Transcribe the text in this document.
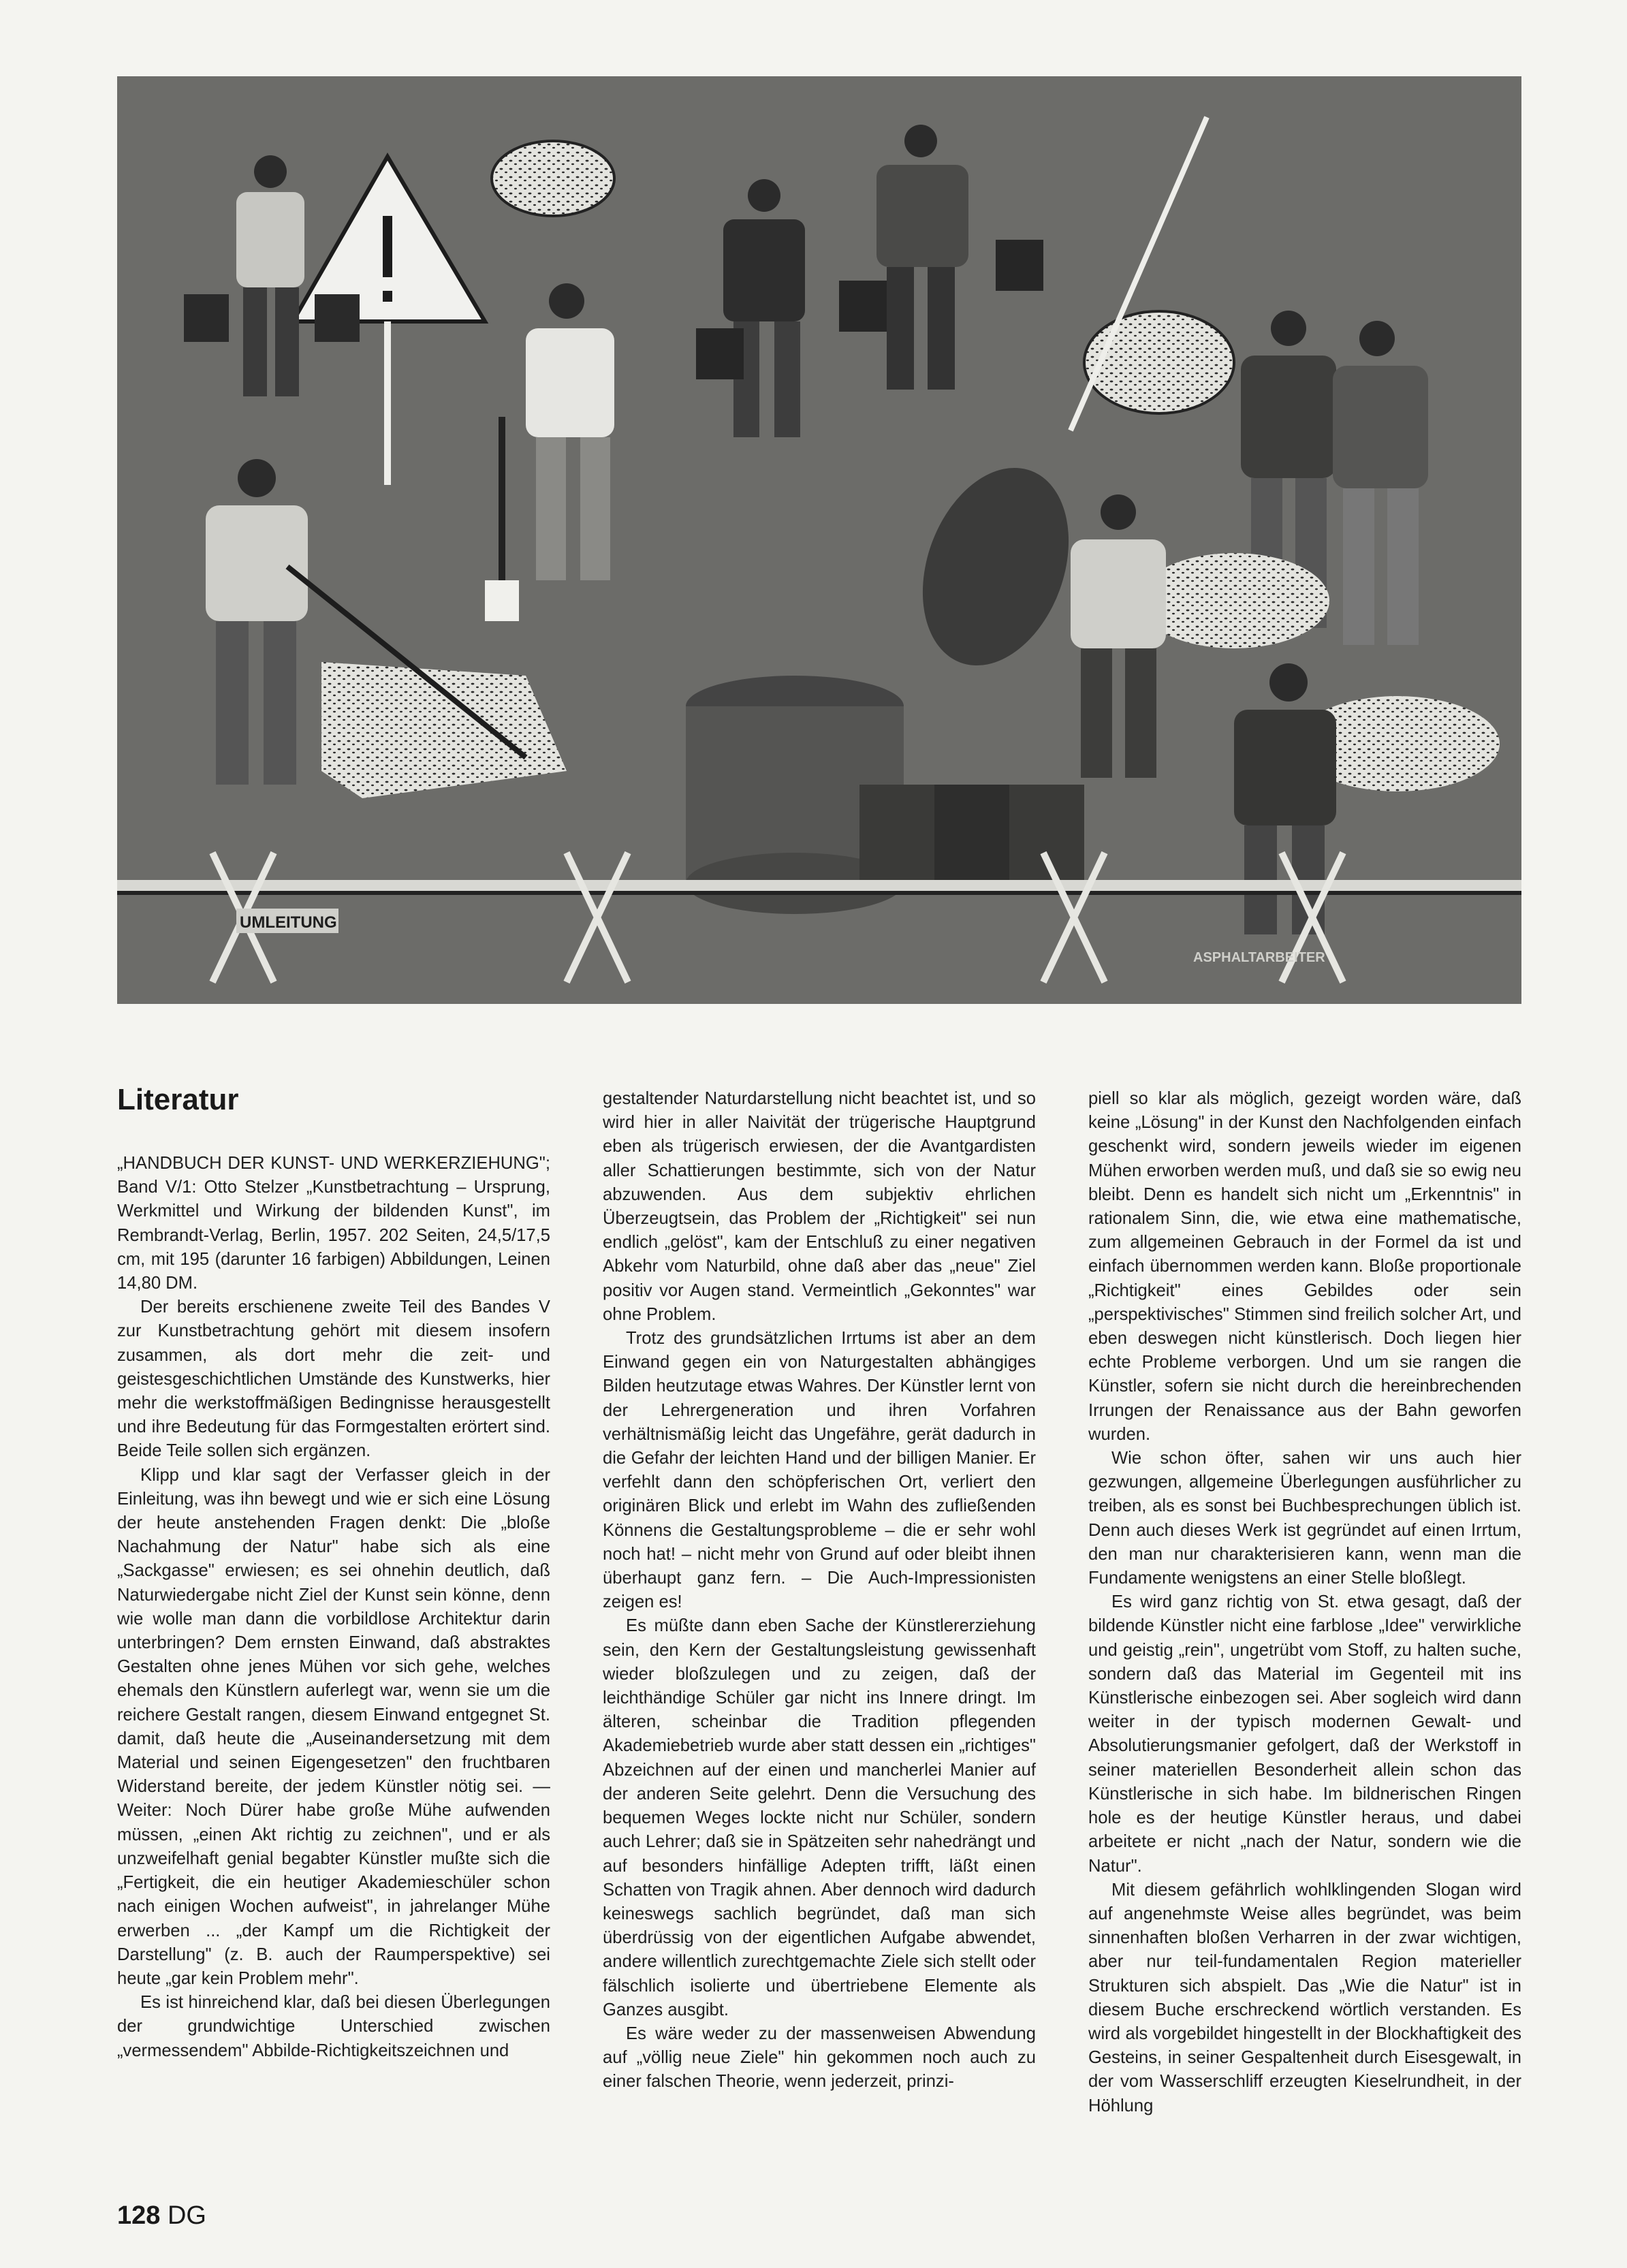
UMLEITUNG
ASPHALTARBEITER
Literatur

„HANDBUCH DER KUNST- UND WERKERZIEHUNG"; Band V/1: Otto Stelzer „Kunstbetrachtung – Ursprung, Werkmittel und Wirkung der bildenden Kunst", im Rembrandt-Verlag, Berlin, 1957. 202 Seiten, 24,5/17,5 cm, mit 195 (darunter 16 farbigen) Abbildungen, Leinen 14,80 DM.

Der bereits erschienene zweite Teil des Bandes V zur Kunstbetrachtung gehört mit diesem insofern zusammen, als dort mehr die zeit- und geistesgeschichtlichen Umstände des Kunstwerks, hier mehr die werkstoffmäßigen Bedingnisse herausgestellt und ihre Bedeutung für das Formgestalten erörtert sind. Beide Teile sollen sich ergänzen.

Klipp und klar sagt der Verfasser gleich in der Einleitung, was ihn bewegt und wie er sich eine Lösung der heute anstehenden Fragen denkt: Die „bloße Nachahmung der Natur" habe sich als eine „Sackgasse" erwiesen; es sei ohnehin deutlich, daß Naturwiedergabe nicht Ziel der Kunst sein könne, denn wie wolle man dann die vorbildlose Architektur darin unterbringen? Dem ernsten Einwand, daß abstraktes Gestalten ohne jenes Mühen vor sich gehe, welches ehemals den Künstlern auferlegt war, wenn sie um die reichere Gestalt rangen, diesem Einwand entgegnet St. damit, daß heute die „Auseinandersetzung mit dem Material und seinen Eigengesetzen" den fruchtbaren Widerstand bereite, der jedem Künstler nötig sei. — Weiter: Noch Dürer habe große Mühe aufwenden müssen, „einen Akt richtig zu zeichnen", und er als unzweifelhaft genial begabter Künstler mußte sich die „Fertigkeit, die ein heutiger Akademieschüler schon nach einigen Wochen aufweist", in jahrelanger Mühe erwerben ... „der Kampf um die Richtigkeit der Darstellung" (z. B. auch der Raumperspektive) sei heute „gar kein Problem mehr".

Es ist hinreichend klar, daß bei diesen Überlegungen der grundwichtige Unterschied zwischen „vermessendem" Abbilde-Richtigkeitszeichnen und

gestaltender Naturdarstellung nicht beachtet ist, und so wird hier in aller Naivität der trügerische Hauptgrund eben als trügerisch erwiesen, der die Avantgardisten aller Schattierungen bestimmte, sich von der Natur abzuwenden. Aus dem subjektiv ehrlichen Überzeugtsein, das Problem der „Richtigkeit" sei nun endlich „gelöst", kam der Entschluß zu einer negativen Abkehr vom Naturbild, ohne daß aber das „neue" Ziel positiv vor Augen stand. Vermeintlich „Gekonntes" war ohne Problem.

Trotz des grundsätzlichen Irrtums ist aber an dem Einwand gegen ein von Naturgestalten abhängiges Bilden heutzutage etwas Wahres. Der Künstler lernt von der Lehrergeneration und ihren Vorfahren verhältnismäßig leicht das Ungefähre, gerät dadurch in die Gefahr der leichten Hand und der billigen Manier. Er verfehlt dann den schöpferischen Ort, verliert den originären Blick und erlebt im Wahn des zufließenden Könnens die Gestaltungsprobleme – die er sehr wohl noch hat! – nicht mehr von Grund auf oder bleibt ihnen überhaupt ganz fern. – Die Auch-Impressionisten zeigen es!

Es müßte dann eben Sache der Künstlererziehung sein, den Kern der Gestaltungsleistung gewissenhaft wieder bloßzulegen und zu zeigen, daß der leichthändige Schüler gar nicht ins Innere dringt. Im älteren, scheinbar die Tradition pflegenden Akademiebetrieb wurde aber statt dessen ein „richtiges" Abzeichnen auf der einen und mancherlei Manier auf der anderen Seite gelehrt. Denn die Versuchung des bequemen Weges lockte nicht nur Schüler, sondern auch Lehrer; daß sie in Spätzeiten sehr nahedrängt und auf besonders hinfällige Adepten trifft, läßt einen Schatten von Tragik ahnen. Aber dennoch wird dadurch keineswegs sachlich begründet, daß man sich überdrüssig von der eigentlichen Aufgabe abwendet, andere willentlich zurechtgemachte Ziele sich stellt oder fälschlich isolierte und übertriebene Elemente als Ganzes ausgibt.

Es wäre weder zu der massenweisen Abwendung auf „völlig neue Ziele" hin gekommen noch auch zu einer falschen Theorie, wenn jederzeit, prinzi-

piell so klar als möglich, gezeigt worden wäre, daß keine „Lösung" in der Kunst den Nachfolgenden einfach geschenkt wird, sondern jeweils wieder im eigenen Mühen erworben werden muß, und daß sie so ewig neu bleibt. Denn es handelt sich nicht um „Erkenntnis" in rationalem Sinn, die, wie etwa eine mathematische, zum allgemeinen Gebrauch in der Formel da ist und einfach übernommen werden kann. Bloße proportionale „Richtigkeit" eines Gebildes oder sein „perspektivisches" Stimmen sind freilich solcher Art, und eben deswegen nicht künstlerisch. Doch liegen hier echte Probleme verborgen. Und um sie rangen die Künstler, sofern sie nicht durch die hereinbrechenden Irrungen der Renaissance aus der Bahn geworfen wurden.

Wie schon öfter, sahen wir uns auch hier gezwungen, allgemeine Überlegungen ausführlicher zu treiben, als es sonst bei Buchbesprechungen üblich ist. Denn auch dieses Werk ist gegründet auf einen Irrtum, den man nur charakterisieren kann, wenn man die Fundamente wenigstens an einer Stelle bloßlegt.

Es wird ganz richtig von St. etwa gesagt, daß der bildende Künstler nicht eine farblose „Idee" verwirkliche und geistig „rein", ungetrübt vom Stoff, zu halten suche, sondern daß das Material im Gegenteil mit ins Künstlerische einbezogen sei. Aber sogleich wird dann weiter in der typisch modernen Gewalt- und Absolutierungsmanier gefolgert, daß der Werkstoff in seiner materiellen Besonderheit allein schon das Künstlerische in sich habe. Im bildnerischen Ringen hole es der heutige Künstler heraus, und dabei arbeitete er nicht „nach der Natur, sondern wie die Natur".

Mit diesem gefährlich wohlklingenden Slogan wird auf angenehmste Weise alles begründet, was beim sinnenhaften bloßen Verharren in der zwar wichtigen, aber nur teil-fundamentalen Region materieller Strukturen sich abspielt. Das „Wie die Natur" ist in diesem Buche erschreckend wörtlich verstanden. Es wird als vorgebildet hingestellt in der Blockhaftigkeit des Gesteins, in seiner Gespaltenheit durch Eisesgewalt, in der vom Wasserschliff erzeugten Kieselrundheit, in der Höhlung

128 DG
